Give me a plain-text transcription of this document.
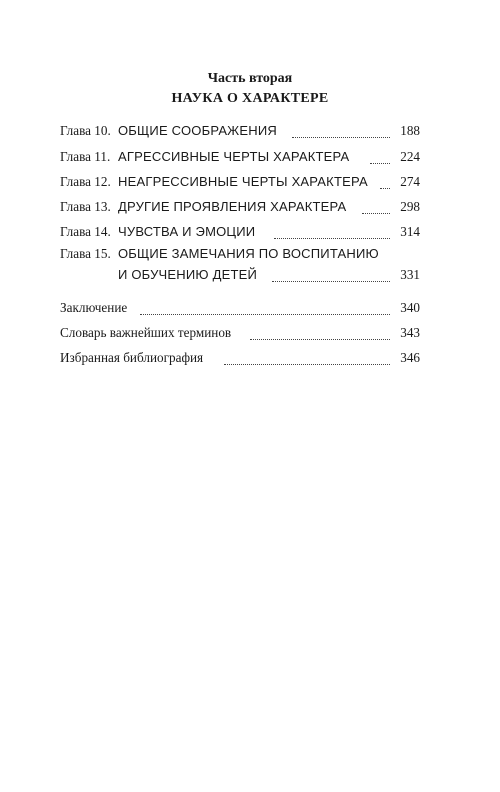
Часть вторая
НАУКА О ХАРАКТЕРЕ
Глава 10. ОБЩИЕ СООБРАЖЕНИЯ	188
Глава 11. АГРЕССИВНЫЕ ЧЕРТЫ ХАРАКТЕРА	224
Глава 12. НЕАГРЕССИВНЫЕ ЧЕРТЫ ХАРАКТЕРА 274
Глава 13. ДРУГИЕ ПРОЯВЛЕНИЯ ХАРАКТЕРА	298
Глава 14. ЧУВСТВА И ЭМОЦИИ	314
Глава 15. ОБЩИЕ ЗАМЕЧАНИЯ ПО ВОСПИТАНИЮ
И ОБУЧЕНИЮ ДЕТЕЙ	331
Заключение	340
Словарь важнейших терминов	343
Избранная библиография	346
